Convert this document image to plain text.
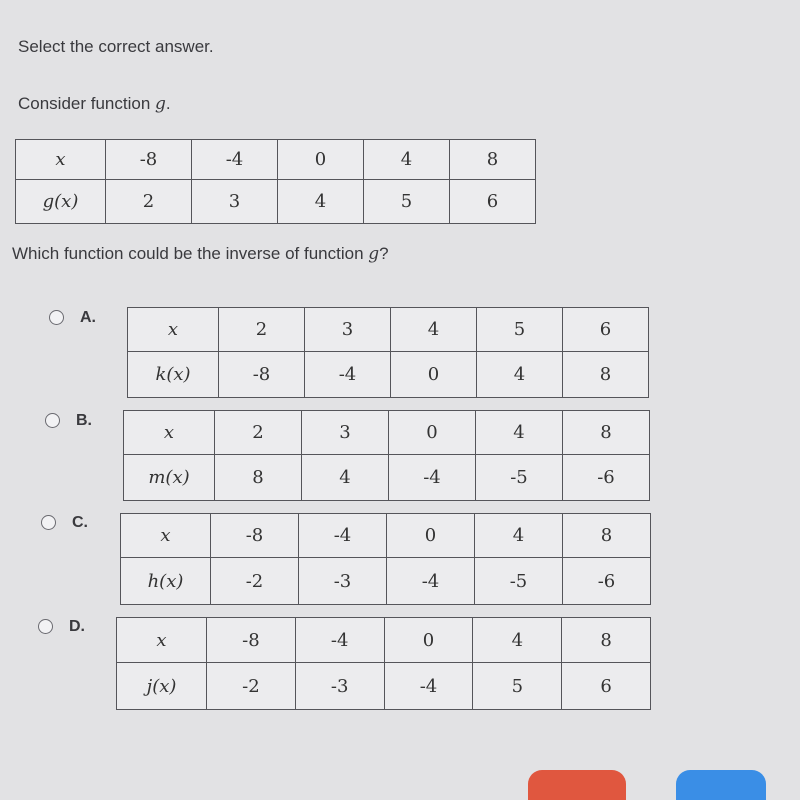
Select the correct answer.
Consider function g.
x	-8	-4	0	4	8
g(x)	2	3	4	5	6
Which function could be the inverse of function g?
A.
x	2	3	4	5	6
k(x)	-8	-4	0	4	8
B.
x	2	3	0	4	8
m(x)	8	4	-4	-5	-6
C.
x	-8	-4	0	4	8
h(x)	-2	-3	-4	-5	-6
D.
x	-8	-4	0	4	8
j(x)	-2	-3	-4	5	6
